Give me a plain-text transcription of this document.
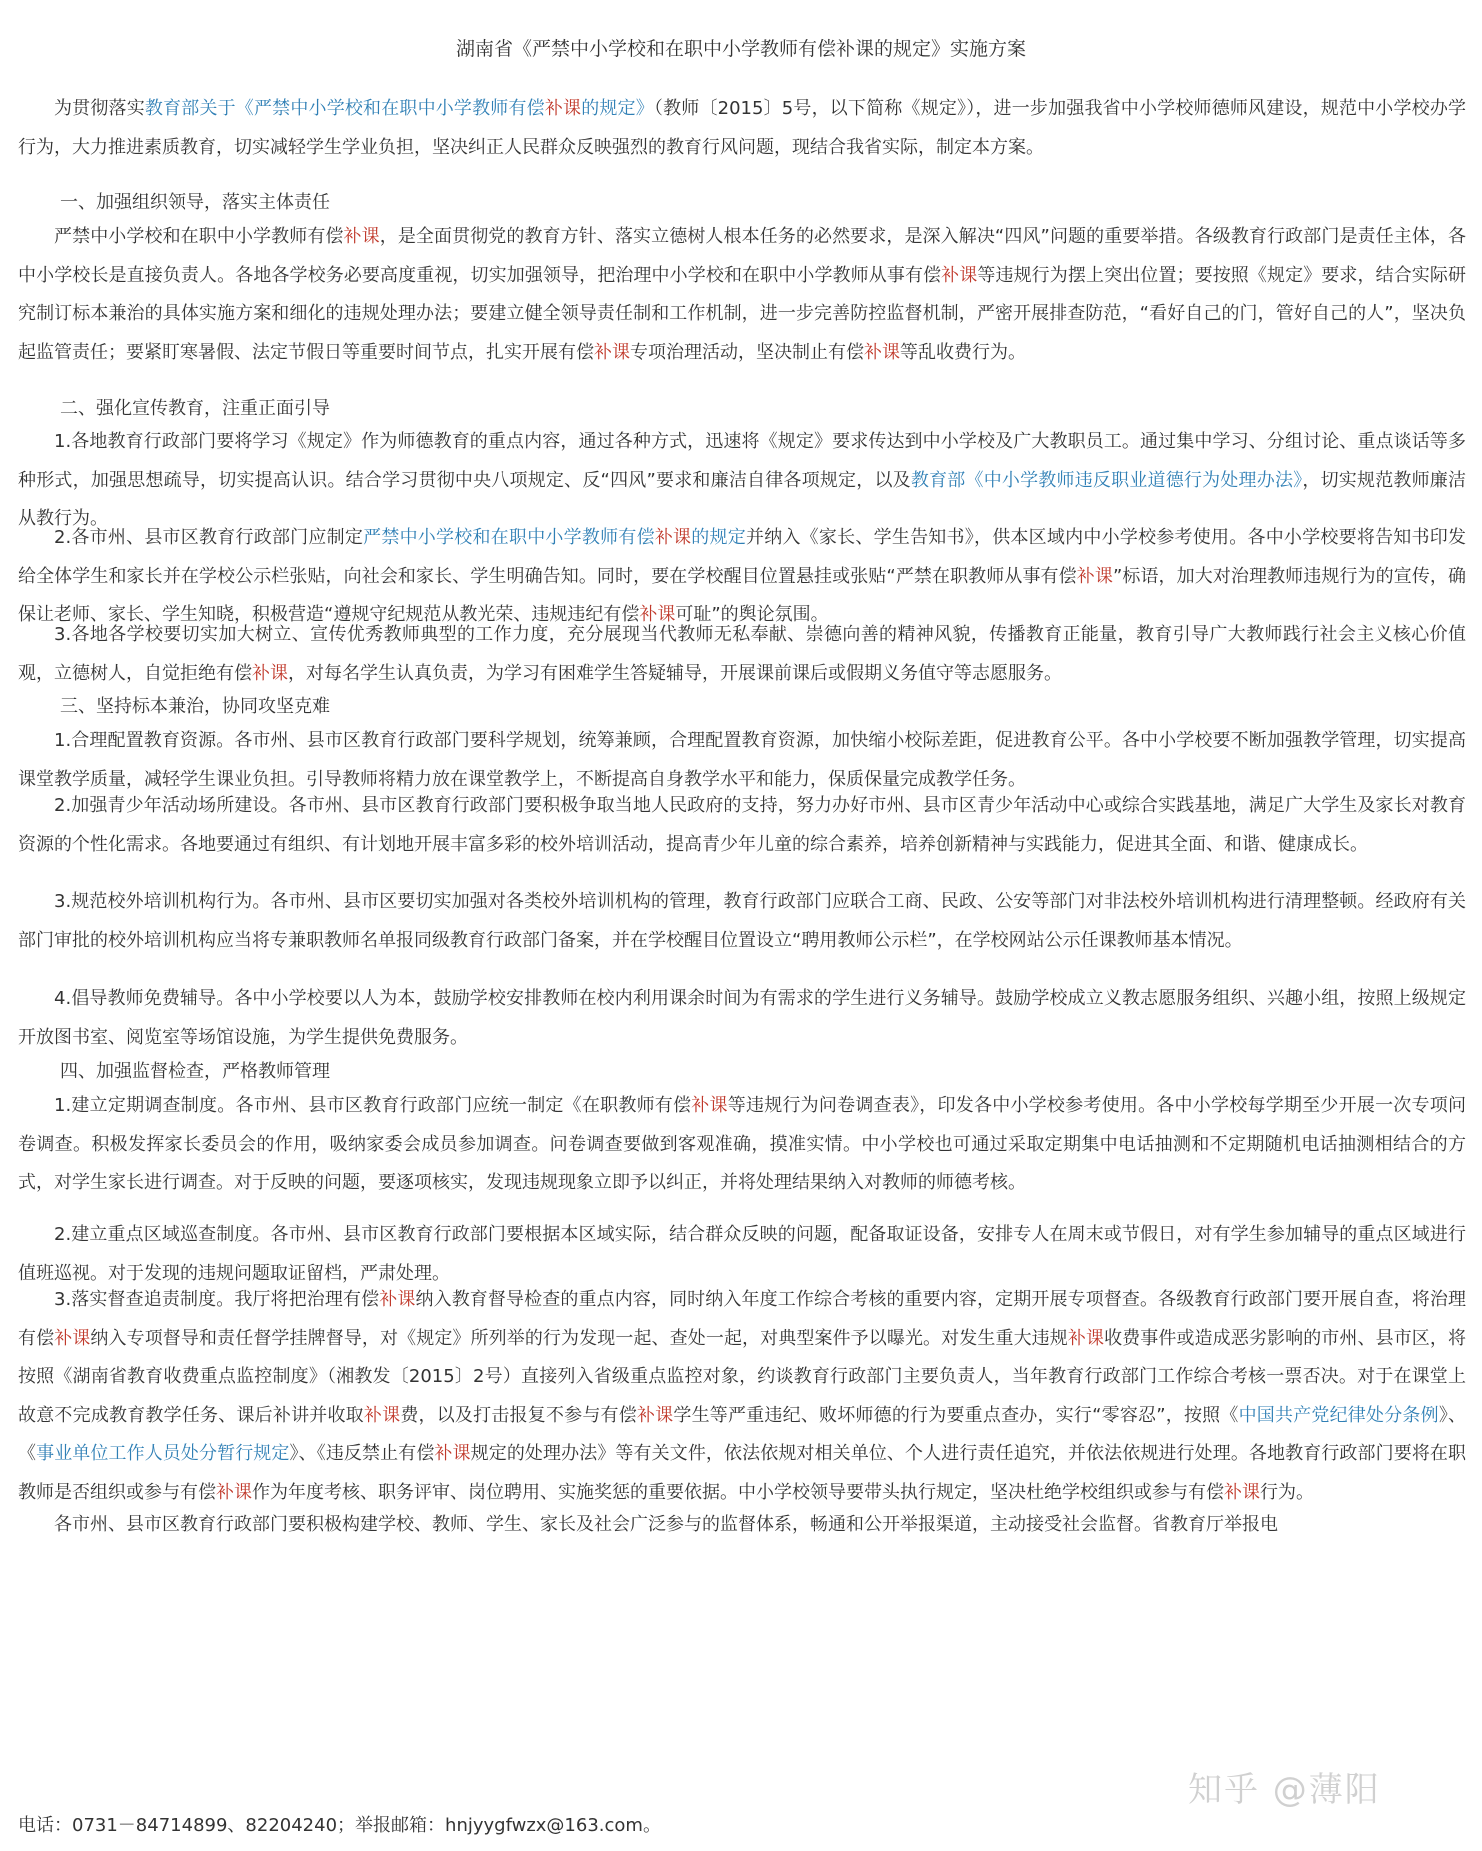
湖南省《严禁中小学校和在职中小学教师有偿补课的规定》实施方案

为贯彻落实教育部关于《严禁中小学校和在职中小学教师有偿补课的规定》（教师〔2015〕5号，以下简称《规定》），进一步加强我省中小学校师德师风建设，规范中小学校办学行为，大力推进素质教育，切实减轻学生学业负担，坚决纠正人民群众反映强烈的教育行风问题，现结合我省实际，制定本方案。

一、加强组织领导，落实主体责任

严禁中小学校和在职中小学教师有偿补课，是全面贯彻党的教育方针、落实立德树人根本任务的必然要求，是深入解决“四风”问题的重要举措。各级教育行政部门是责任主体，各中小学校长是直接负责人。各地各学校务必要高度重视，切实加强领导，把治理中小学校和在职中小学教师从事有偿补课等违规行为摆上突出位置；要按照《规定》要求，结合实际研究制订标本兼治的具体实施方案和细化的违规处理办法；要建立健全领导责任制和工作机制，进一步完善防控监督机制，严密开展排查防范，“看好自己的门，管好自己的人”，坚决负起监管责任；要紧盯寒暑假、法定节假日等重要时间节点，扎实开展有偿补课专项治理活动，坚决制止有偿补课等乱收费行为。

二、强化宣传教育，注重正面引导

1.各地教育行政部门要将学习《规定》作为师德教育的重点内容，通过各种方式，迅速将《规定》要求传达到中小学校及广大教职员工。通过集中学习、分组讨论、重点谈话等多种形式，加强思想疏导，切实提高认识。结合学习贯彻中央八项规定、反“四风”要求和廉洁自律各项规定，以及教育部《中小学教师违反职业道德行为处理办法》，切实规范教师廉洁从教行为。

2.各市州、县市区教育行政部门应制定严禁中小学校和在职中小学教师有偿补课的规定并纳入《家长、学生告知书》，供本区域内中小学校参考使用。各中小学校要将告知书印发给全体学生和家长并在学校公示栏张贴，向社会和家长、学生明确告知。同时，要在学校醒目位置悬挂或张贴“严禁在职教师从事有偿补课”标语，加大对治理教师违规行为的宣传，确保让老师、家长、学生知晓，积极营造“遵规守纪规范从教光荣、违规违纪有偿补课可耻”的舆论氛围。

3.各地各学校要切实加大树立、宣传优秀教师典型的工作力度，充分展现当代教师无私奉献、崇德向善的精神风貌，传播教育正能量，教育引导广大教师践行社会主义核心价值观，立德树人，自觉拒绝有偿补课，对每名学生认真负责，为学习有困难学生答疑辅导，开展课前课后或假期义务值守等志愿服务。

三、坚持标本兼治，协同攻坚克难

1.合理配置教育资源。各市州、县市区教育行政部门要科学规划，统筹兼顾，合理配置教育资源，加快缩小校际差距，促进教育公平。各中小学校要不断加强教学管理，切实提高课堂教学质量，减轻学生课业负担。引导教师将精力放在课堂教学上，不断提高自身教学水平和能力，保质保量完成教学任务。

2.加强青少年活动场所建设。各市州、县市区教育行政部门要积极争取当地人民政府的支持，努力办好市州、县市区青少年活动中心或综合实践基地，满足广大学生及家长对教育资源的个性化需求。各地要通过有组织、有计划地开展丰富多彩的校外培训活动，提高青少年儿童的综合素养，培养创新精神与实践能力，促进其全面、和谐、健康成长。

3.规范校外培训机构行为。各市州、县市区要切实加强对各类校外培训机构的管理，教育行政部门应联合工商、民政、公安等部门对非法校外培训机构进行清理整顿。经政府有关部门审批的校外培训机构应当将专兼职教师名单报同级教育行政部门备案，并在学校醒目位置设立“聘用教师公示栏”，在学校网站公示任课教师基本情况。

4.倡导教师免费辅导。各中小学校要以人为本，鼓励学校安排教师在校内利用课余时间为有需求的学生进行义务辅导。鼓励学校成立义教志愿服务组织、兴趣小组，按照上级规定开放图书室、阅览室等场馆设施，为学生提供免费服务。

四、加强监督检查，严格教师管理

1.建立定期调查制度。各市州、县市区教育行政部门应统一制定《在职教师有偿补课等违规行为问卷调查表》，印发各中小学校参考使用。各中小学校每学期至少开展一次专项问卷调查。积极发挥家长委员会的作用，吸纳家委会成员参加调查。问卷调查要做到客观准确，摸准实情。中小学校也可通过采取定期集中电话抽测和不定期随机电话抽测相结合的方式，对学生家长进行调查。对于反映的问题，要逐项核实，发现违规现象立即予以纠正，并将处理结果纳入对教师的师德考核。

2.建立重点区域巡查制度。各市州、县市区教育行政部门要根据本区域实际，结合群众反映的问题，配备取证设备，安排专人在周末或节假日，对有学生参加辅导的重点区域进行值班巡视。对于发现的违规问题取证留档，严肃处理。

3.落实督查追责制度。我厅将把治理有偿补课纳入教育督导检查的重点内容，同时纳入年度工作综合考核的重要内容，定期开展专项督查。各级教育行政部门要开展自查，将治理有偿补课纳入专项督导和责任督学挂牌督导，对《规定》所列举的行为发现一起、查处一起，对典型案件予以曝光。对发生重大违规补课收费事件或造成恶劣影响的市州、县市区，将按照《湖南省教育收费重点监控制度》（湘教发〔2015〕2号）直接列入省级重点监控对象，约谈教育行政部门主要负责人，当年教育行政部门工作综合考核一票否决。对于在课堂上故意不完成教育教学任务、课后补讲并收取补课费，以及打击报复不参与有偿补课学生等严重违纪、败坏师德的行为要重点查办，实行“零容忍”，按照《中国共产党纪律处分条例》、《事业单位工作人员处分暂行规定》、《违反禁止有偿补课规定的处理办法》等有关文件，依法依规对相关单位、个人进行责任追究，并依法依规进行处理。各地教育行政部门要将在职教师是否组织或参与有偿补课作为年度考核、职务评审、岗位聘用、实施奖惩的重要依据。中小学校领导要带头执行规定，坚决杜绝学校组织或参与有偿补课行为。

各市州、县市区教育行政部门要积极构建学校、教师、学生、家长及社会广泛参与的监督体系，畅通和公开举报渠道，主动接受社会监督。省教育厅举报电

电话：0731－84714899、82204240；举报邮箱：hnjyygfwzx@163.com。
知乎 @薄阳
